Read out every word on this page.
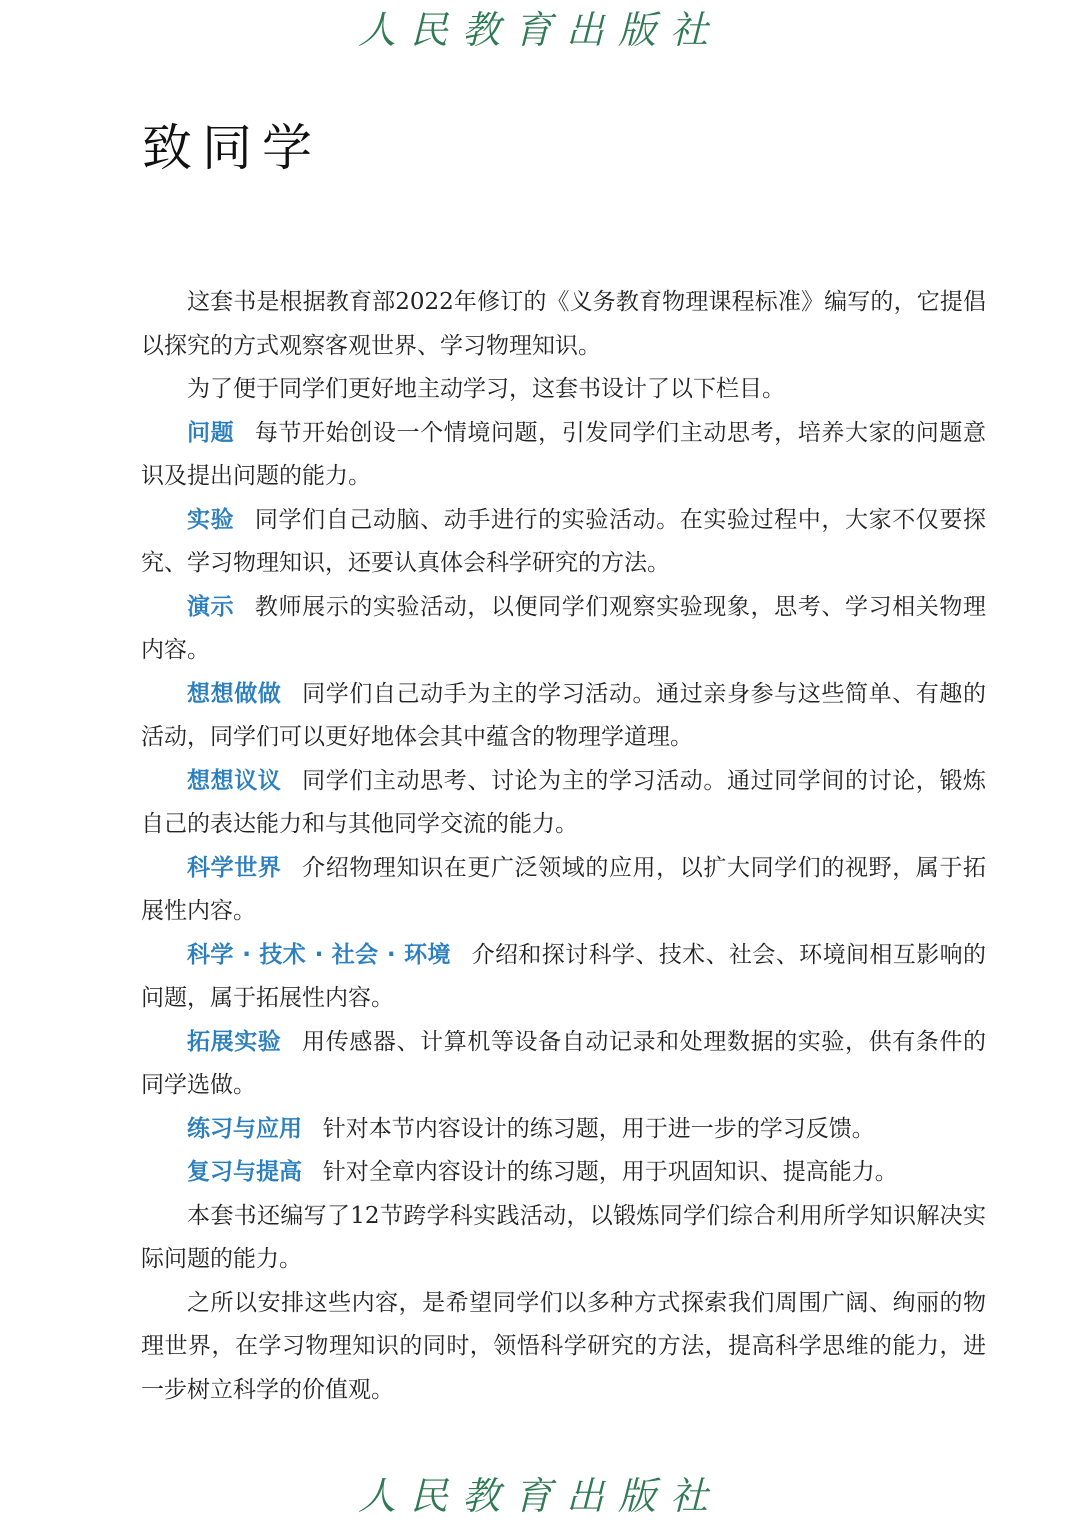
人民教育出版社
致同学

这套书是根据教育部2022年修订的《义务教育物理课程标准》编写的，它提倡以探究的方式观察客观世界、学习物理知识。

为了便于同学们更好地主动学习，这套书设计了以下栏目。

问题 每节开始创设一个情境问题，引发同学们主动思考，培养大家的问题意识及提出问题的能力。

实验 同学们自己动脑、动手进行的实验活动。在实验过程中，大家不仅要探究、学习物理知识，还要认真体会科学研究的方法。

演示 教师展示的实验活动，以便同学们观察实验现象，思考、学习相关物理内容。

想想做做 同学们自己动手为主的学习活动。通过亲身参与这些简单、有趣的活动，同学们可以更好地体会其中蕴含的物理学道理。

想想议议 同学们主动思考、讨论为主的学习活动。通过同学间的讨论，锻炼自己的表达能力和与其他同学交流的能力。

科学世界 介绍物理知识在更广泛领域的应用，以扩大同学们的视野，属于拓展性内容。

科学 · 技术 · 社会 · 环境 介绍和探讨科学、技术、社会、环境间相互影响的问题，属于拓展性内容。

拓展实验 用传感器、计算机等设备自动记录和处理数据的实验，供有条件的同学选做。

练习与应用 针对本节内容设计的练习题，用于进一步的学习反馈。

复习与提高 针对全章内容设计的练习题，用于巩固知识、提高能力。

本套书还编写了12节跨学科实践活动，以锻炼同学们综合利用所学知识解决实际问题的能力。

之所以安排这些内容，是希望同学们以多种方式探索我们周围广阔、绚丽的物理世界，在学习物理知识的同时，领悟科学研究的方法，提高科学思维的能力，进一步树立科学的价值观。

人民教育出版社
